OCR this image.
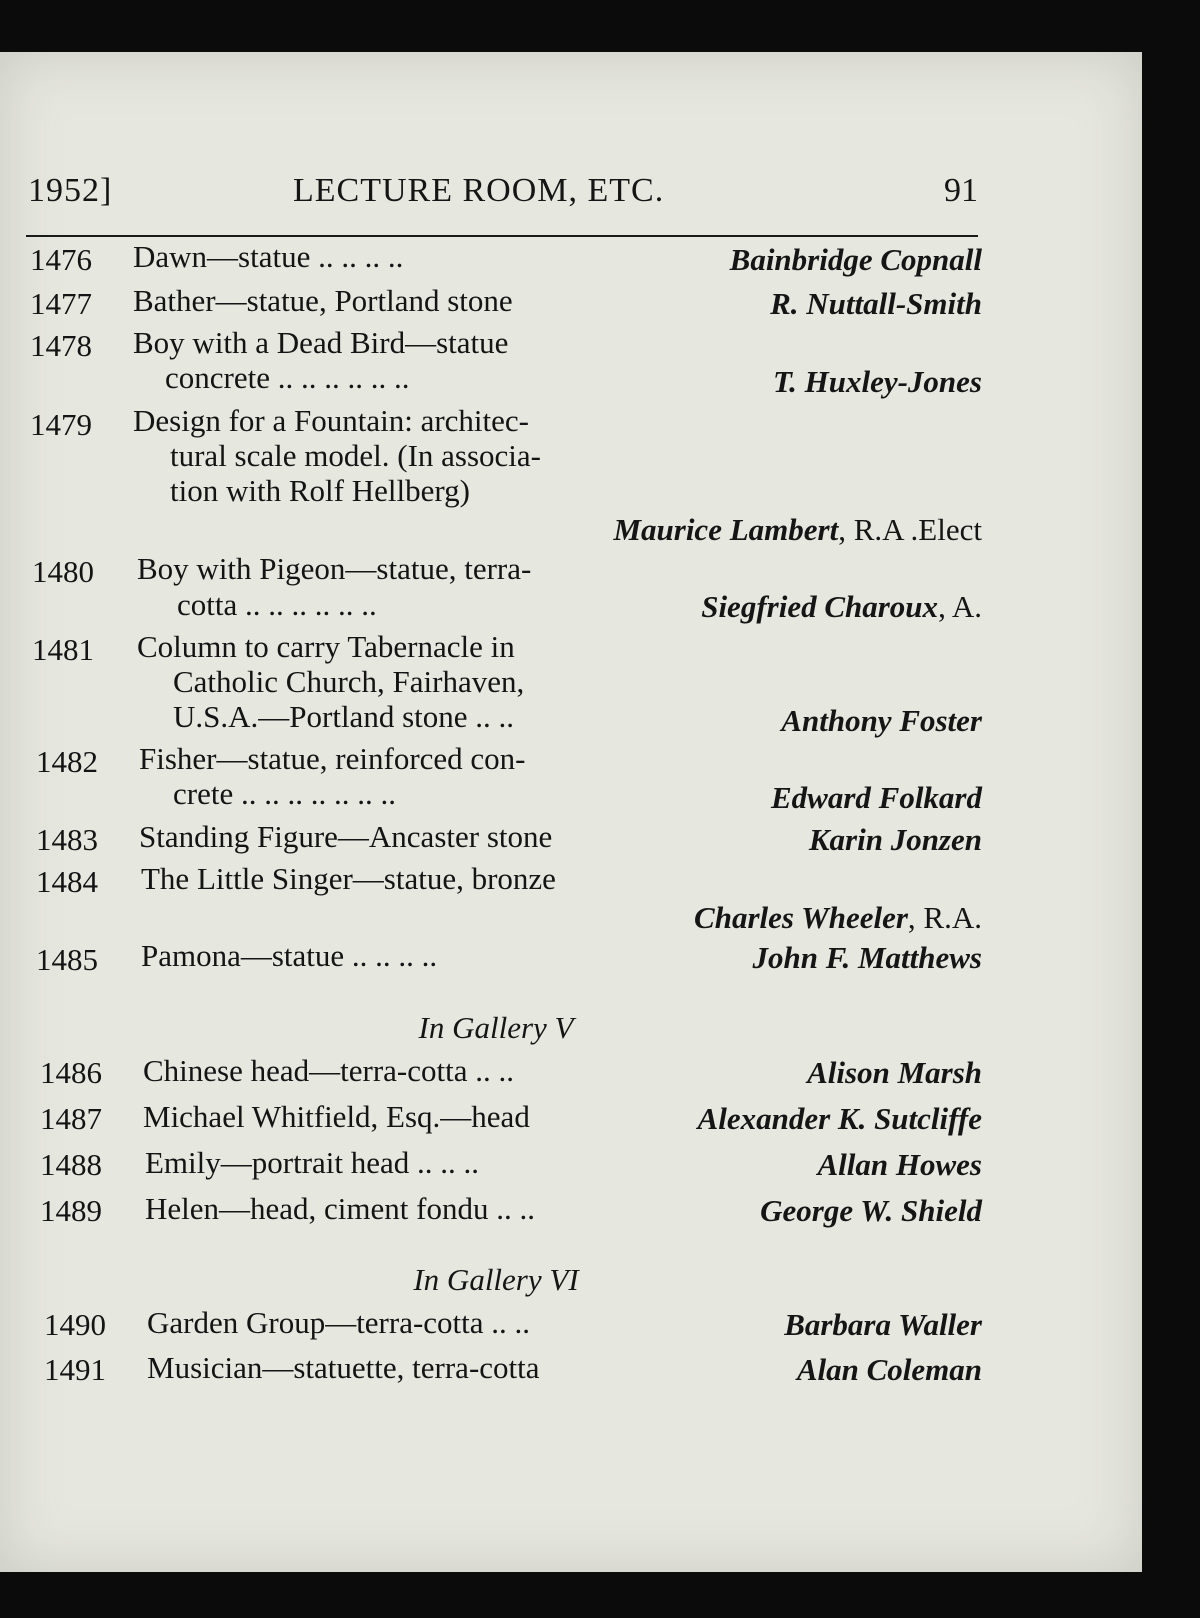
1952]	LECTURE ROOM, ETC.	91
1476 Dawn—statue .. .. .. ..	Bainbridge Copnall
1477 Bather—statue, Portland stone	R. Nuttall-Smith
1478 Boy with a Dead Bird—statue
concrete .. .. .. .. .. ..	T. Huxley-Jones
1479 Design for a Fountain: architec-
tural scale model. (In associa-
tion with Rolf Hellberg)
Maurice Lambert, R.A .Elect
1480 Boy with Pigeon—statue, terra-
cotta .. .. .. .. .. ..	Siegfried Charoux, A.
1481 Column to carry Tabernacle in
Catholic Church, Fairhaven,
U.S.A.—Portland stone .. ..	Anthony Foster
1482 Fisher—statue, reinforced con-
crete .. .. .. .. .. .. ..	Edward Folkard
1483 Standing Figure—Ancaster stone	Karin Jonzen
1484 The Little Singer—statue, bronze
Charles Wheeler, R.A.
1485 Pamona—statue .. .. .. ..	John F. Matthews
In Gallery V
1486 Chinese head—terra-cotta .. ..	Alison Marsh
1487 Michael Whitfield, Esq.—head	Alexander K. Sutcliffe
1488 Emily—portrait head .. .. ..	Allan Howes
1489 Helen—head, ciment fondu .. ..	George W. Shield
In Gallery VI
1490 Garden Group—terra-cotta .. ..	Barbara Waller
1491 Musician—statuette, terra-cotta	Alan Coleman
